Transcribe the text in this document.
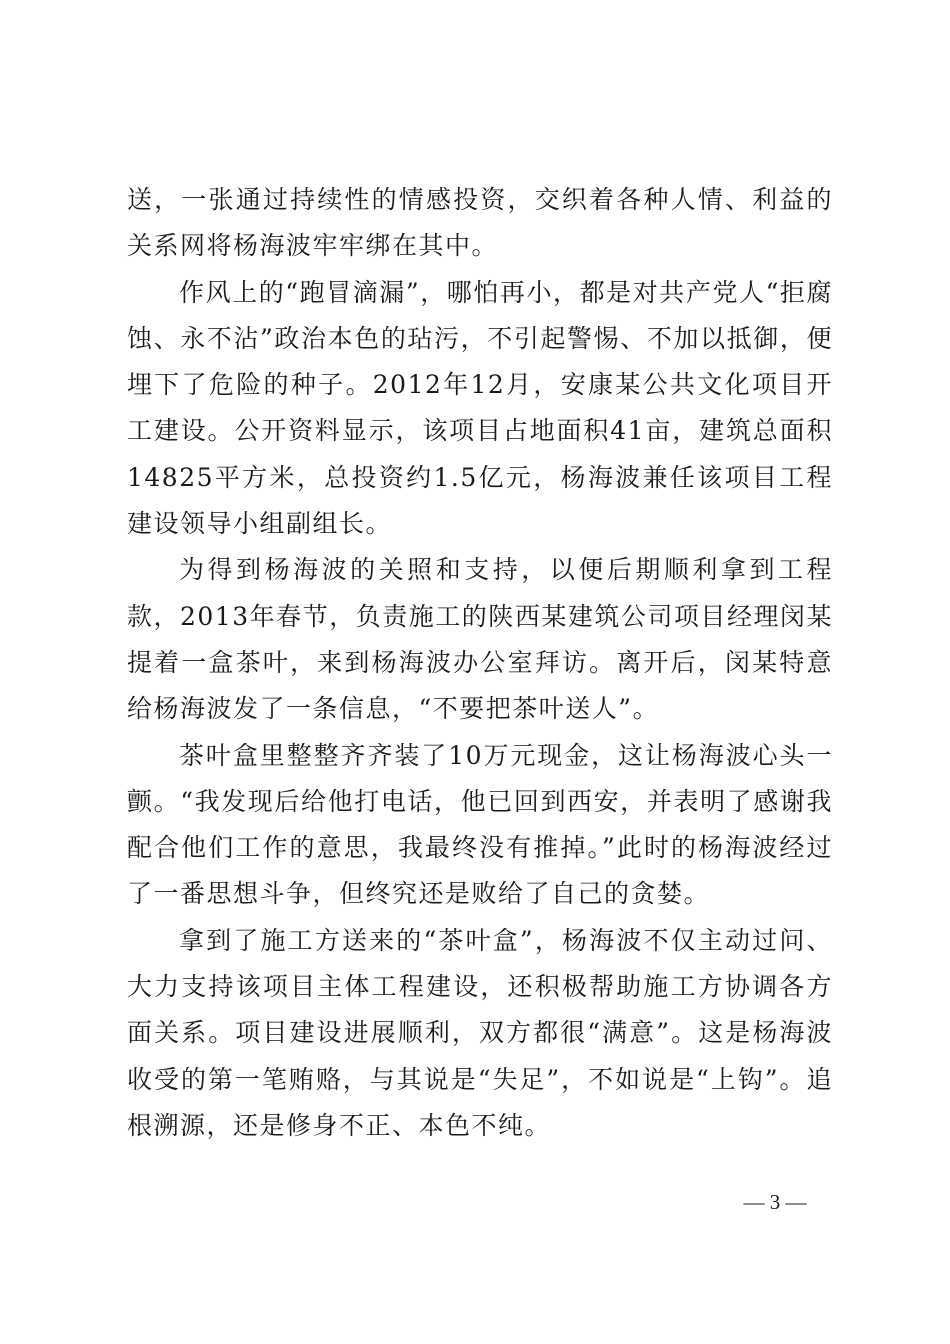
送，一张通过持续性的情感投资，交织着各种人情、利益的关系网将杨海波牢牢绑在其中。

作风上的“跑冒滴漏”，哪怕再小，都是对共产党人“拒腐蚀、永不沾”政治本色的玷污，不引起警惕、不加以抵御，便埋下了危险的种子。2012年12月，安康某公共文化项目开工建设。公开资料显示，该项目占地面积41亩，建筑总面积14825平方米，总投资约1.5亿元，杨海波兼任该项目工程建设领导小组副组长。

为得到杨海波的关照和支持，以便后期顺利拿到工程款，2013年春节，负责施工的陕西某建筑公司项目经理闵某提着一盒茶叶，来到杨海波办公室拜访。离开后，闵某特意给杨海波发了一条信息，“不要把茶叶送人”。

茶叶盒里整整齐齐装了10万元现金，这让杨海波心头一颤。“我发现后给他打电话，他已回到西安，并表明了感谢我配合他们工作的意思，我最终没有推掉。”此时的杨海波经过了一番思想斗争，但终究还是败给了自己的贪婪。

拿到了施工方送来的“茶叶盒”，杨海波不仅主动过问、大力支持该项目主体工程建设，还积极帮助施工方协调各方面关系。项目建设进展顺利，双方都很“满意”。这是杨海波收受的第一笔贿赂，与其说是“失足”，不如说是“上钩”。追根溯源，还是修身不正、本色不纯。

— 3 —
